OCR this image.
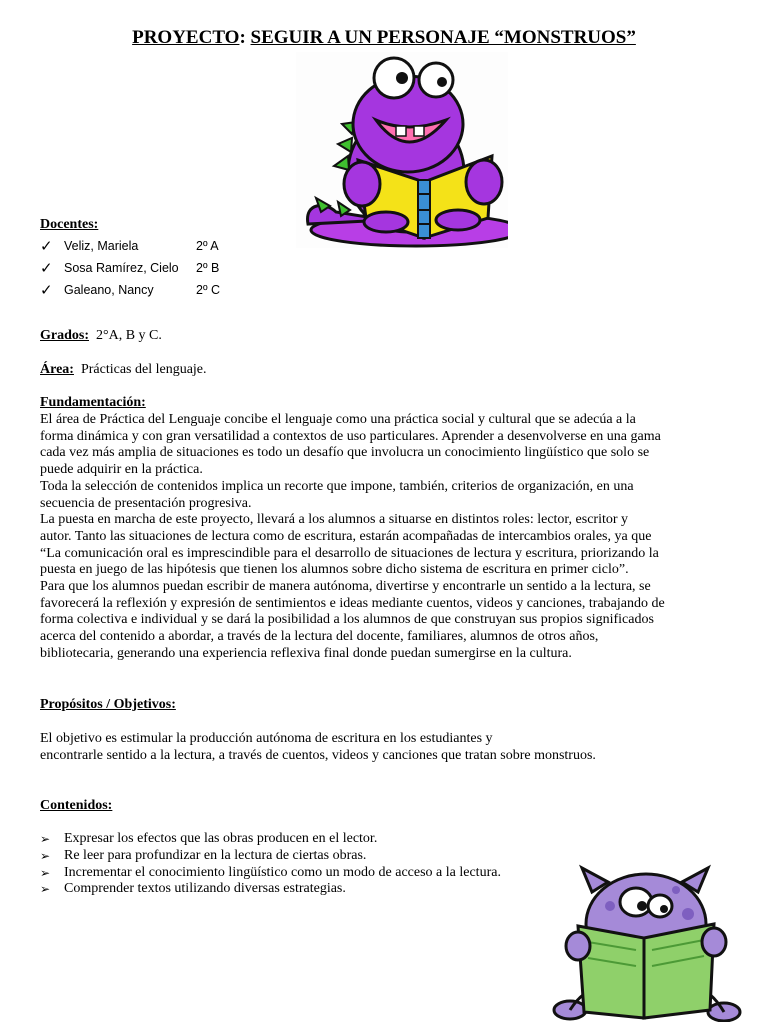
PROYECTO: SEGUIR A UN PERSONAJE “MONSTRUOS”
Docentes:
✓ Veliz, Mariela	2º A
✓ Sosa Ramírez, Cielo	2º B
✓ Galeano, Nancy	2º C
Grados: 2°A, B y C.
Área: Prácticas del lenguaje.
Fundamentación:
El área de Práctica del Lenguaje concibe el lenguaje como una práctica social y cultural que se adecúa a la
forma dinámica y con gran versatilidad a contextos de uso particulares. Aprender a desenvolverse en una gama
cada vez más amplia de situaciones es todo un desafío que involucra un conocimiento lingüístico que solo se
puede adquirir en la práctica.
Toda la selección de contenidos implica un recorte que impone, también, criterios de organización, en una
secuencia de presentación progresiva.
La puesta en marcha de este proyecto, llevará a los alumnos a situarse en distintos roles: lector, escritor y
autor. Tanto las situaciones de lectura como de escritura, estarán acompañadas de intercambios orales, ya que
“La comunicación oral es imprescindible para el desarrollo de situaciones de lectura y escritura, priorizando la
puesta en juego de las hipótesis que tienen los alumnos sobre dicho sistema de escritura en primer ciclo”.
Para que los alumnos puedan escribir de manera autónoma, divertirse y encontrarle un sentido a la lectura, se
favorecerá la reflexión y expresión de sentimientos e ideas mediante cuentos, videos y canciones, trabajando de
forma colectiva e individual y se dará la posibilidad a los alumnos de que construyan sus propios significados
acerca del contenido a abordar, a través de la lectura del docente, familiares, alumnos de otros años,
bibliotecaria, generando una experiencia reflexiva final donde puedan sumergirse en la cultura.
Propósitos / Objetivos:
El objetivo es estimular la producción autónoma de escritura en los estudiantes y
encontrarle sentido a la lectura, a través de cuentos, videos y canciones que tratan sobre monstruos.
Contenidos:
➢ Expresar los efectos que las obras producen en el lector.
➢ Re leer para profundizar en la lectura de ciertas obras.
➢ Incrementar el conocimiento lingüístico como un modo de acceso a la lectura.
➢ Comprender textos utilizando diversas estrategias.
